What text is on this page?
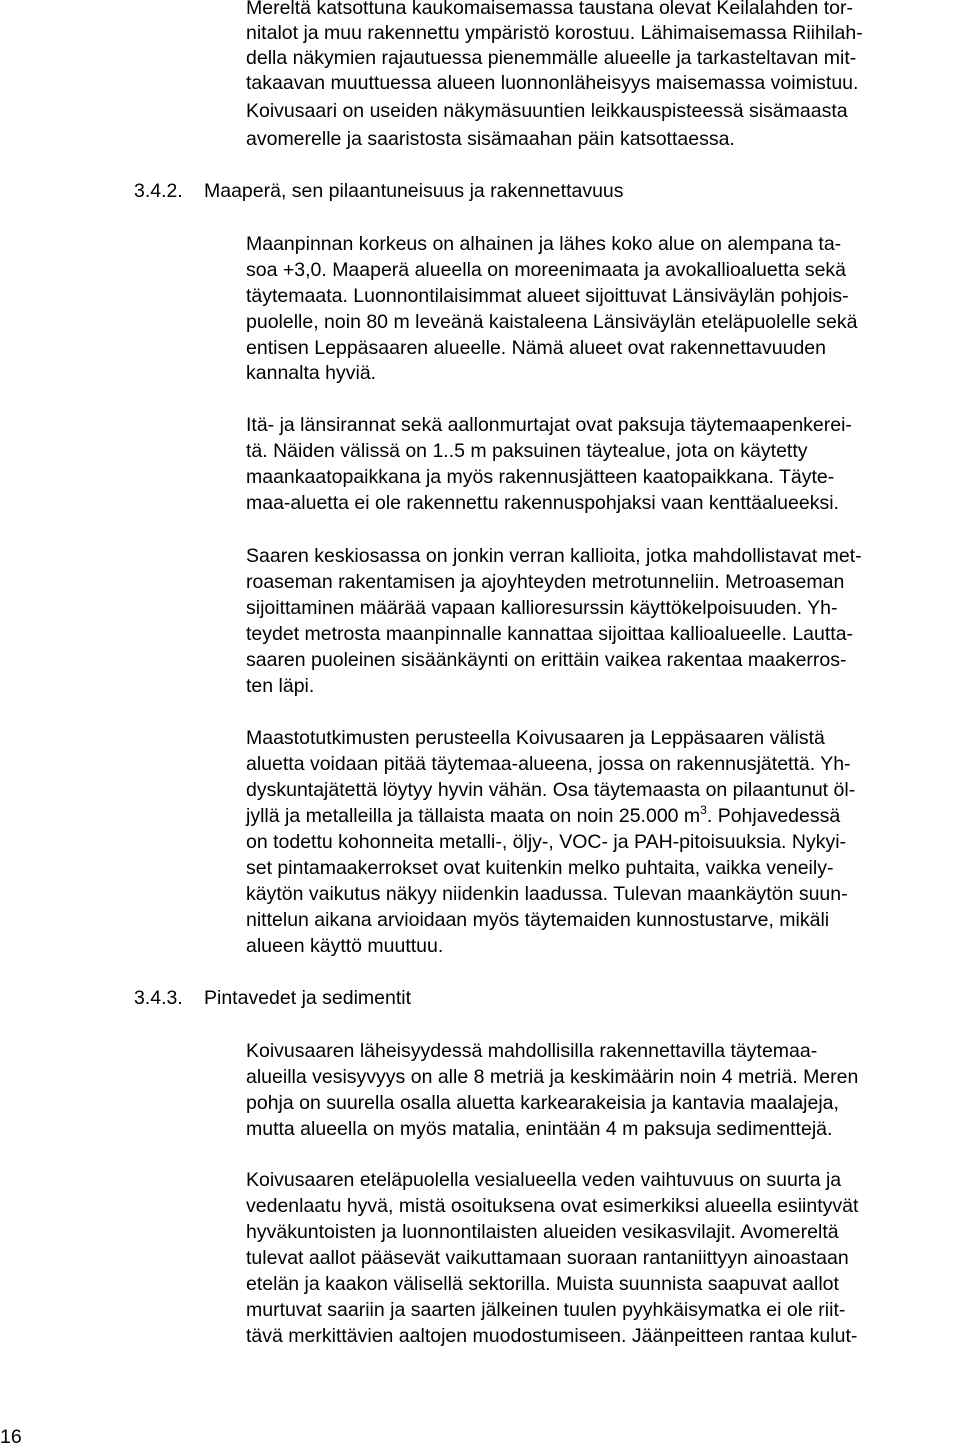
Mereltä katsottuna kaukomaisemassa taustana olevat Keilalahden tor-
nitalot ja muu rakennettu ympäristö korostuu. Lähimaisemassa Riihilah-
della näkymien rajautuessa pienemmälle alueelle ja tarkasteltavan mit-
takaavan muuttuessa alueen luonnonläheisyys maisemassa voimistuu.
Koivusaari on useiden näkymäsuuntien leikkauspisteessä sisämaasta
avomerelle ja saaristosta sisämaahan päin katsottaessa.
3.4.2. Maaperä, sen pilaantuneisuus ja rakennettavuus
Maanpinnan korkeus on alhainen ja lähes koko alue on alempana ta-
soa +3,0. Maaperä alueella on moreenimaata ja avokallioaluetta sekä
täytemaata. Luonnontilaisimmat alueet sijoittuvat Länsiväylän pohjois-
puolelle, noin 80 m leveänä kaistaleena Länsiväylän eteläpuolelle sekä
entisen Leppäsaaren alueelle. Nämä alueet ovat rakennettavuuden
kannalta hyviä.
Itä- ja länsirannat sekä aallonmurtajat ovat paksuja täytemaapenkerei-
tä. Näiden välissä on 1..5 m paksuinen täytealue, jota on käytetty
maankaatopaikkana ja myös rakennusjätteen kaatopaikkana. Täyte-
maa-aluetta ei ole rakennettu rakennuspohjaksi vaan kenttäalueeksi.
Saaren keskiosassa on jonkin verran kallioita, jotka mahdollistavat met-
roaseman rakentamisen ja ajoyhteyden metrotunneliin. Metroaseman
sijoittaminen määrää vapaan kallioresurssin käyttökelpoisuuden. Yh-
teydet metrosta maanpinnalle kannattaa sijoittaa kallioalueelle. Lautta-
saaren puoleinen sisäänkäynti on erittäin vaikea rakentaa maakerros-
ten läpi.
Maastotutkimusten perusteella Koivusaaren ja Leppäsaaren välistä
aluetta voidaan pitää täytemaa-alueena, jossa on rakennusjätettä. Yh-
dyskuntajätettä löytyy hyvin vähän. Osa täytemaasta on pilaantunut öl-
jyllä ja metalleilla ja tällaista maata on noin 25.000 $m^3$. Pohjavedessä
on todettu kohonneita metalli-, öljy-, VOC- ja PAH-pitoisuuksia. Nykyi-
set pintamaakerrokset ovat kuitenkin melko puhtaita, vaikka veneily-
käytön vaikutus näkyy niidenkin laadussa. Tulevan maankäytön suun-
nittelun aikana arvioidaan myös täytemaiden kunnostustarve, mikäli
alueen käyttö muuttuu.
3.4.3. Pintavedet ja sedimentit
Koivusaaren läheisyydessä mahdollisilla rakennettavilla täytemaa-
alueilla vesisyvyys on alle 8 metriä ja keskimäärin noin 4 metriä. Meren
pohja on suurella osalla aluetta karkearakeisia ja kantavia maalajeja,
mutta alueella on myös matalia, enintään 4 m paksuja sedimenttejä.
Koivusaaren eteläpuolella vesialueella veden vaihtuvuus on suurta ja
vedenlaatu hyvä, mistä osoituksena ovat esimerkiksi alueella esiintyvät
hyväkuntoisten ja luonnontilaisten alueiden vesikasvilajit. Avomereltä
tulevat aallot pääsevät vaikuttamaan suoraan rantaniittyyn ainoastaan
etelän ja kaakon välisellä sektorilla. Muista suunnista saapuvat aallot
murtuvat saariin ja saarten jälkeinen tuulen pyyhkäisymatka ei ole riit-
tävä merkittävien aaltojen muodostumiseen. Jäänpeitteen rantaa kulut-
16
